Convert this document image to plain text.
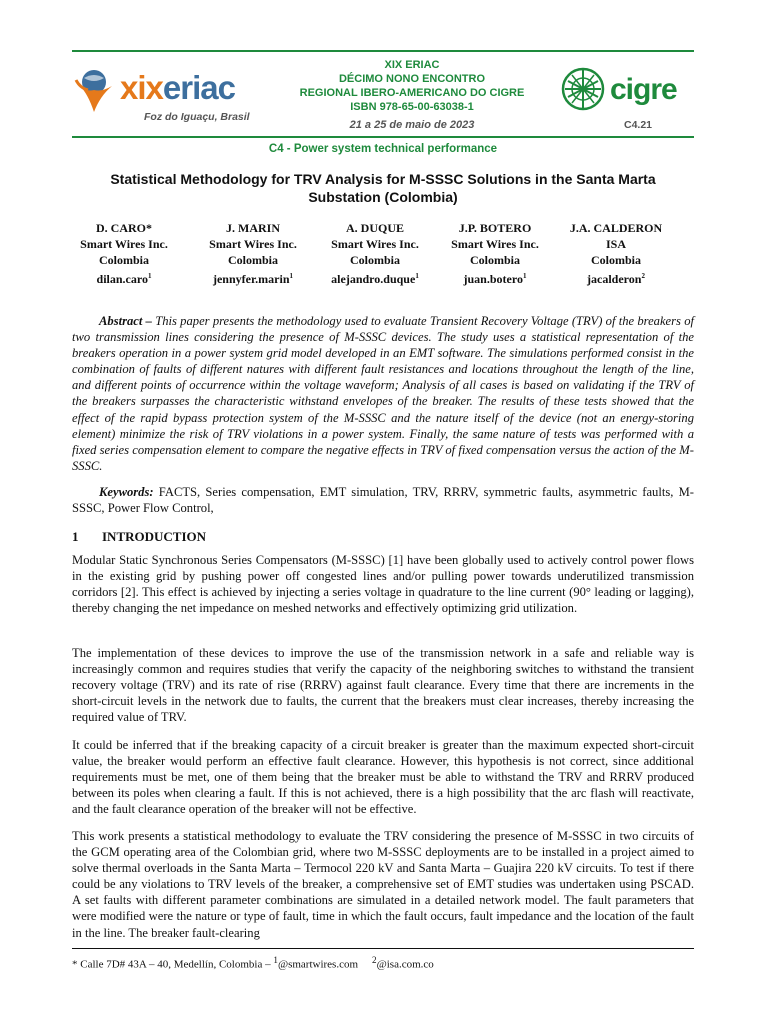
xixeriac
Foz do Iguaçu, Brasil
XIX ERIAC
DÉCIMO NONO ENCONTRO
REGIONAL IBERO-AMERICANO DO CIGRE
ISBN 978-65-00-63038-1
21 a 25 de maio de 2023
cigre
C4.21
C4 - Power system technical performance
Statistical Methodology for TRV Analysis for M-SSSC Solutions in the Santa Marta
Substation (Colombia)
D. CARO*
Smart Wires Inc.
Colombia
dilan.caro$^1$
J. MARIN
Smart Wires Inc.
Colombia
jennyfer.marin$^1$
A. DUQUE
Smart Wires Inc.
Colombia
alejandro.duque$^1$
J.P. BOTERO
Smart Wires Inc.
Colombia
juan.botero$^1$
J.A. CALDERON
ISA
Colombia
jacalderon$^2$
Abstract – This paper presents the methodology used to evaluate Transient Recovery Voltage (TRV) of the breakers of two transmission lines considering the presence of M-SSSC devices. The study uses a statistical representation of the breakers operation in a power system grid model developed in an EMT software. The simulations performed consist in the combination of faults of different natures with different fault resistances and locations throughout the length of the line, and different points of occurrence within the voltage waveform; Analysis of all cases is based on validating if the TRV of the breakers surpasses the characteristic withstand envelopes of the breaker. The results of these tests showed that the effect of the rapid bypass protection system of the M-SSSC and the nature itself of the device (not an energy-storing element) minimize the risk of TRV violations in a power system. Finally, the same nature of tests was performed with a fixed series compensation element to compare the negative effects in TRV of fixed compensation versus the action of the M-SSSC.
Keywords: FACTS, Series compensation, EMT simulation, TRV, RRRV, symmetric faults, asymmetric faults, M-SSSC, Power Flow Control,
1 INTRODUCTION
Modular Static Synchronous Series Compensators (M-SSSC) [1] have been globally used to actively control power flows in the existing grid by pushing power off congested lines and/or pulling power towards underutilized transmission corridors [2]. This effect is achieved by injecting a series voltage in quadrature to the line current (90° leading or lagging), thereby changing the net impedance on meshed networks and effectively optimizing grid utilization.
The implementation of these devices to improve the use of the transmission network in a safe and reliable way is increasingly common and requires studies that verify the capacity of the neighboring switches to withstand the transient recovery voltage (TRV) and its rate of rise (RRRV) against fault clearance. Every time that there are increments in the short-circuit levels in the network due to faults, the current that the breakers must clear increases, thereby increasing the required value of TRV.
It could be inferred that if the breaking capacity of a circuit breaker is greater than the maximum expected short-circuit value, the breaker would perform an effective fault clearance. However, this hypothesis is not correct, since additional requirements must be met, one of them being that the breaker must be able to withstand the TRV and RRRV produced between its poles when clearing a fault. If this is not achieved, there is a high possibility that the arc flash will reactivate, and the fault clearance operation of the breaker will not be effective.
This work presents a statistical methodology to evaluate the TRV considering the presence of M-SSSC in two circuits of the GCM operating area of the Colombian grid, where two M-SSSC deployments are to be installed in a project aimed to solve thermal overloads in the Santa Marta – Termocol 220 kV and Santa Marta – Guajira 220 kV circuits. To test if there could be any violations to TRV levels of the breaker, a comprehensive set of EMT studies was undertaken using PSCAD. A set faults with different parameter combinations are simulated in a detailed network model. The fault parameters that were modified were the nature or type of fault, time in which the fault occurs, fault impedance and the location of the fault in the line. The breaker fault-clearing
* Calle 7D# 43A – 40, Medellín, Colombia – $^1$@smartwires.com $^2$@isa.com.co
